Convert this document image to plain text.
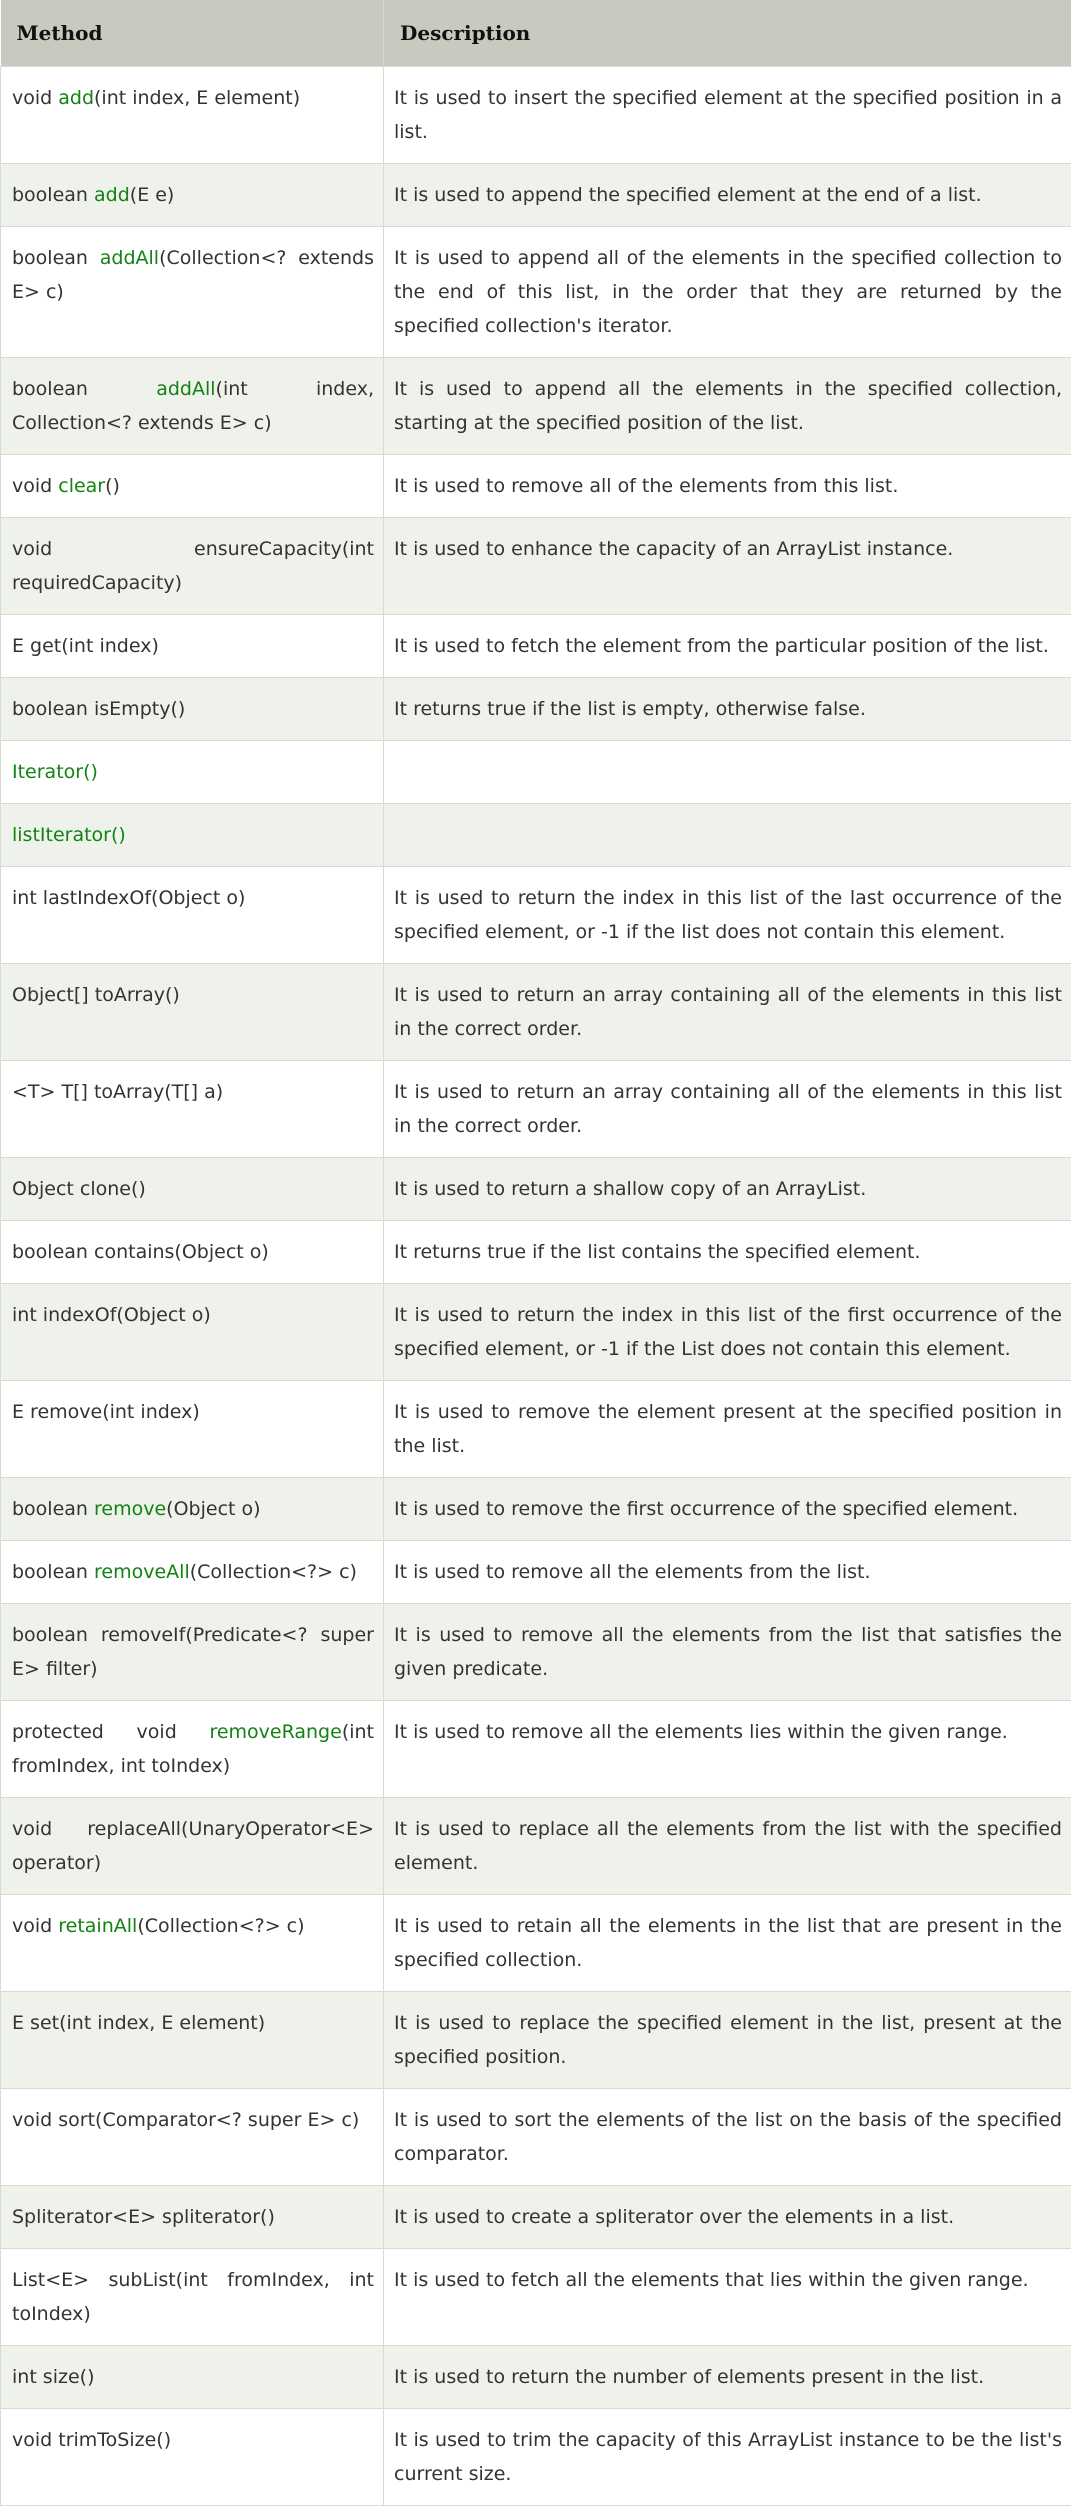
Method	Description
void add(int index, E element)	It is used to insert the specified element at the specified position in a list.
boolean add(E e)	It is used to append the specified element at the end of a list.
boolean addAll(Collection<? extends E> c)	It is used to append all of the elements in the specified collection to the end of this list, in the order that they are returned by the specified collection's iterator.
boolean addAll(int index, Collection<? extends E> c)	It is used to append all the elements in the specified collection, starting at the specified position of the list.
void clear()	It is used to remove all of the elements from this list.
void ensureCapacity(int requiredCapacity)	It is used to enhance the capacity of an ArrayList instance.
E get(int index)	It is used to fetch the element from the particular position of the list.
boolean isEmpty()	It returns true if the list is empty, otherwise false.
Iterator()	
listIterator()	
int lastIndexOf(Object o)	It is used to return the index in this list of the last occurrence of the specified element, or -1 if the list does not contain this element.
Object[] toArray()	It is used to return an array containing all of the elements in this list in the correct order.
<T> T[] toArray(T[] a)	It is used to return an array containing all of the elements in this list in the correct order.
Object clone()	It is used to return a shallow copy of an ArrayList.
boolean contains(Object o)	It returns true if the list contains the specified element.
int indexOf(Object o)	It is used to return the index in this list of the first occurrence of the specified element, or -1 if the List does not contain this element.
E remove(int index)	It is used to remove the element present at the specified position in the list.
boolean remove(Object o)	It is used to remove the first occurrence of the specified element.
boolean removeAll(Collection<?> c)	It is used to remove all the elements from the list.
boolean removeIf(Predicate<? super E> filter)	It is used to remove all the elements from the list that satisfies the given predicate.
protected void removeRange(int fromIndex, int toIndex)	It is used to remove all the elements lies within the given range.
void replaceAll(UnaryOperator<E> operator)	It is used to replace all the elements from the list with the specified element.
void retainAll(Collection<?> c)	It is used to retain all the elements in the list that are present in the specified collection.
E set(int index, E element)	It is used to replace the specified element in the list, present at the specified position.
void sort(Comparator<? super E> c)	It is used to sort the elements of the list on the basis of the specified comparator.
Spliterator<E> spliterator()	It is used to create a spliterator over the elements in a list.
List<E> subList(int fromIndex, int toIndex)	It is used to fetch all the elements that lies within the given range.
int size()	It is used to return the number of elements present in the list.
void trimToSize()	It is used to trim the capacity of this ArrayList instance to be the list's current size.
